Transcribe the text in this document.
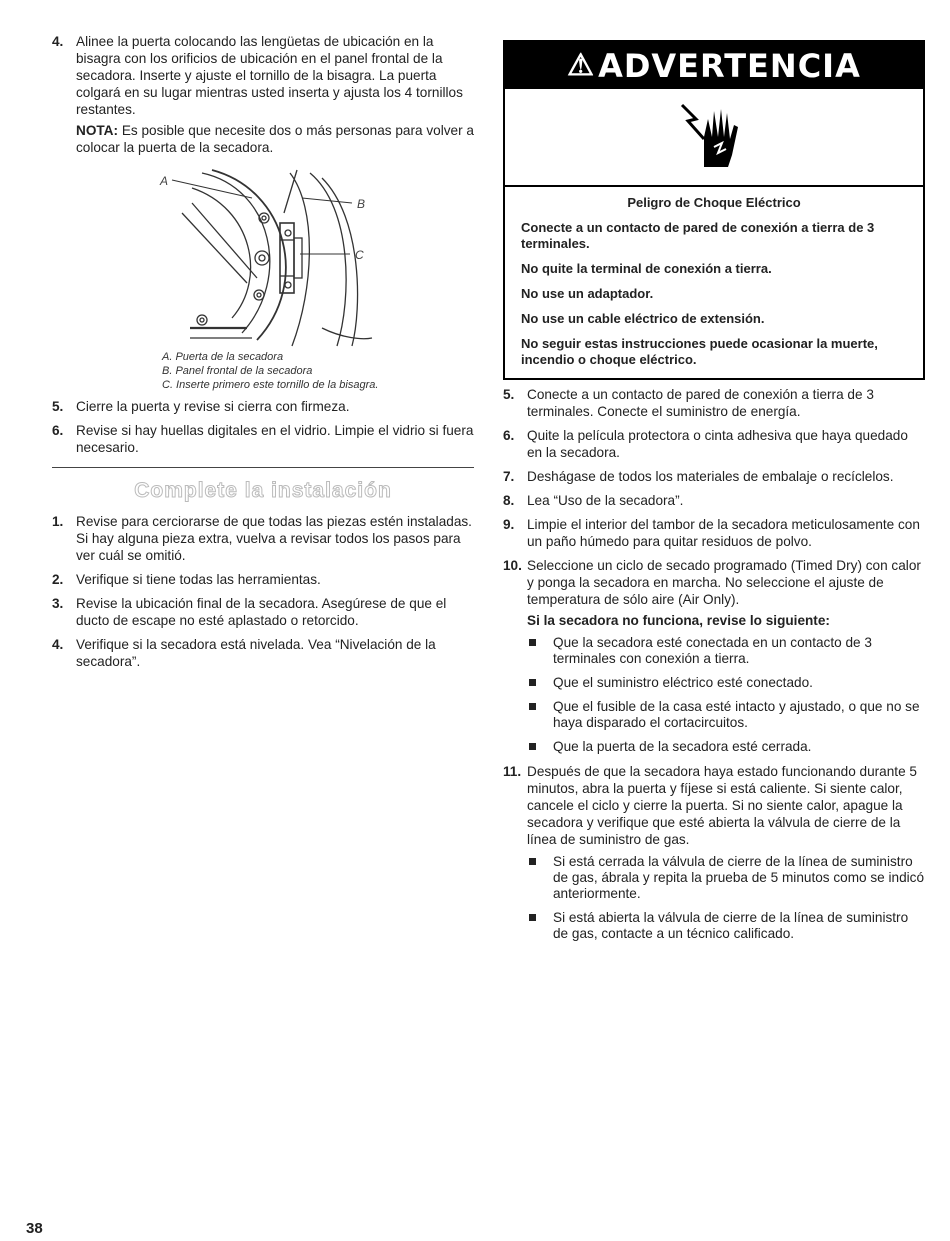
4. Alinee la puerta colocando las lengüetas de ubicación en la bisagra con los orificios de ubicación en el panel frontal de la secadora. Inserte y ajuste el tornillo de la bisagra. La puerta colgará en su lugar mientras usted inserta y ajusta los 4 tornillos restantes.
NOTA: Es posible que necesite dos o más personas para volver a colocar la puerta de la secadora.
A
B
C
A. Puerta de la secadora
B. Panel frontal de la secadora
C. Inserte primero este tornillo de la bisagra.
5. Cierre la puerta y revise si cierra con firmeza.
6. Revise si hay huellas digitales en el vidrio. Limpie el vidrio si fuera necesario.
Complete la instalación
1. Revise para cerciorarse de que todas las piezas estén instaladas. Si hay alguna pieza extra, vuelva a revisar todos los pasos para ver cuál se omitió.
2. Verifique si tiene todas las herramientas.
3. Revise la ubicación final de la secadora. Asegúrese de que el ducto de escape no esté aplastado o retorcido.
4. Verifique si la secadora está nivelada. Vea “Nivelación de la secadora”.
⚠ ADVERTENCIA
Peligro de Choque Eléctrico

Conecte a un contacto de pared de conexión a tierra de 3 terminales.

No quite la terminal de conexión a tierra.

No use un adaptador.

No use un cable eléctrico de extensión.

No seguir estas instrucciones puede ocasionar la muerte, incendio o choque eléctrico.

5. Conecte a un contacto de pared de conexión a tierra de 3 terminales. Conecte el suministro de energía.
6. Quite la película protectora o cinta adhesiva que haya quedado en la secadora.
7. Deshágase de todos los materiales de embalaje o recíclelos.
8. Lea “Uso de la secadora”.
9. Limpie el interior del tambor de la secadora meticulosamente con un paño húmedo para quitar residuos de polvo.
10. Seleccione un ciclo de secado programado (Timed Dry) con calor y ponga la secadora en marcha. No seleccione el ajuste de temperatura de sólo aire (Air Only).
Si la secadora no funciona, revise lo siguiente:
Que la secadora esté conectada en un contacto de 3 terminales con conexión a tierra.
Que el suministro eléctrico esté conectado.
Que el fusible de la casa esté intacto y ajustado, o que no se haya disparado el cortacircuitos.
Que la puerta de la secadora esté cerrada.
11. Después de que la secadora haya estado funcionando durante 5 minutos, abra la puerta y fíjese si está caliente. Si siente calor, cancele el ciclo y cierre la puerta. Si no siente calor, apague la secadora y verifique que esté abierta la válvula de cierre de la línea de suministro de gas.
Si está cerrada la válvula de cierre de la línea de suministro de gas, ábrala y repita la prueba de 5 minutos como se indicó anteriormente.
Si está abierta la válvula de cierre de la línea de suministro de gas, contacte a un técnico calificado.
38
